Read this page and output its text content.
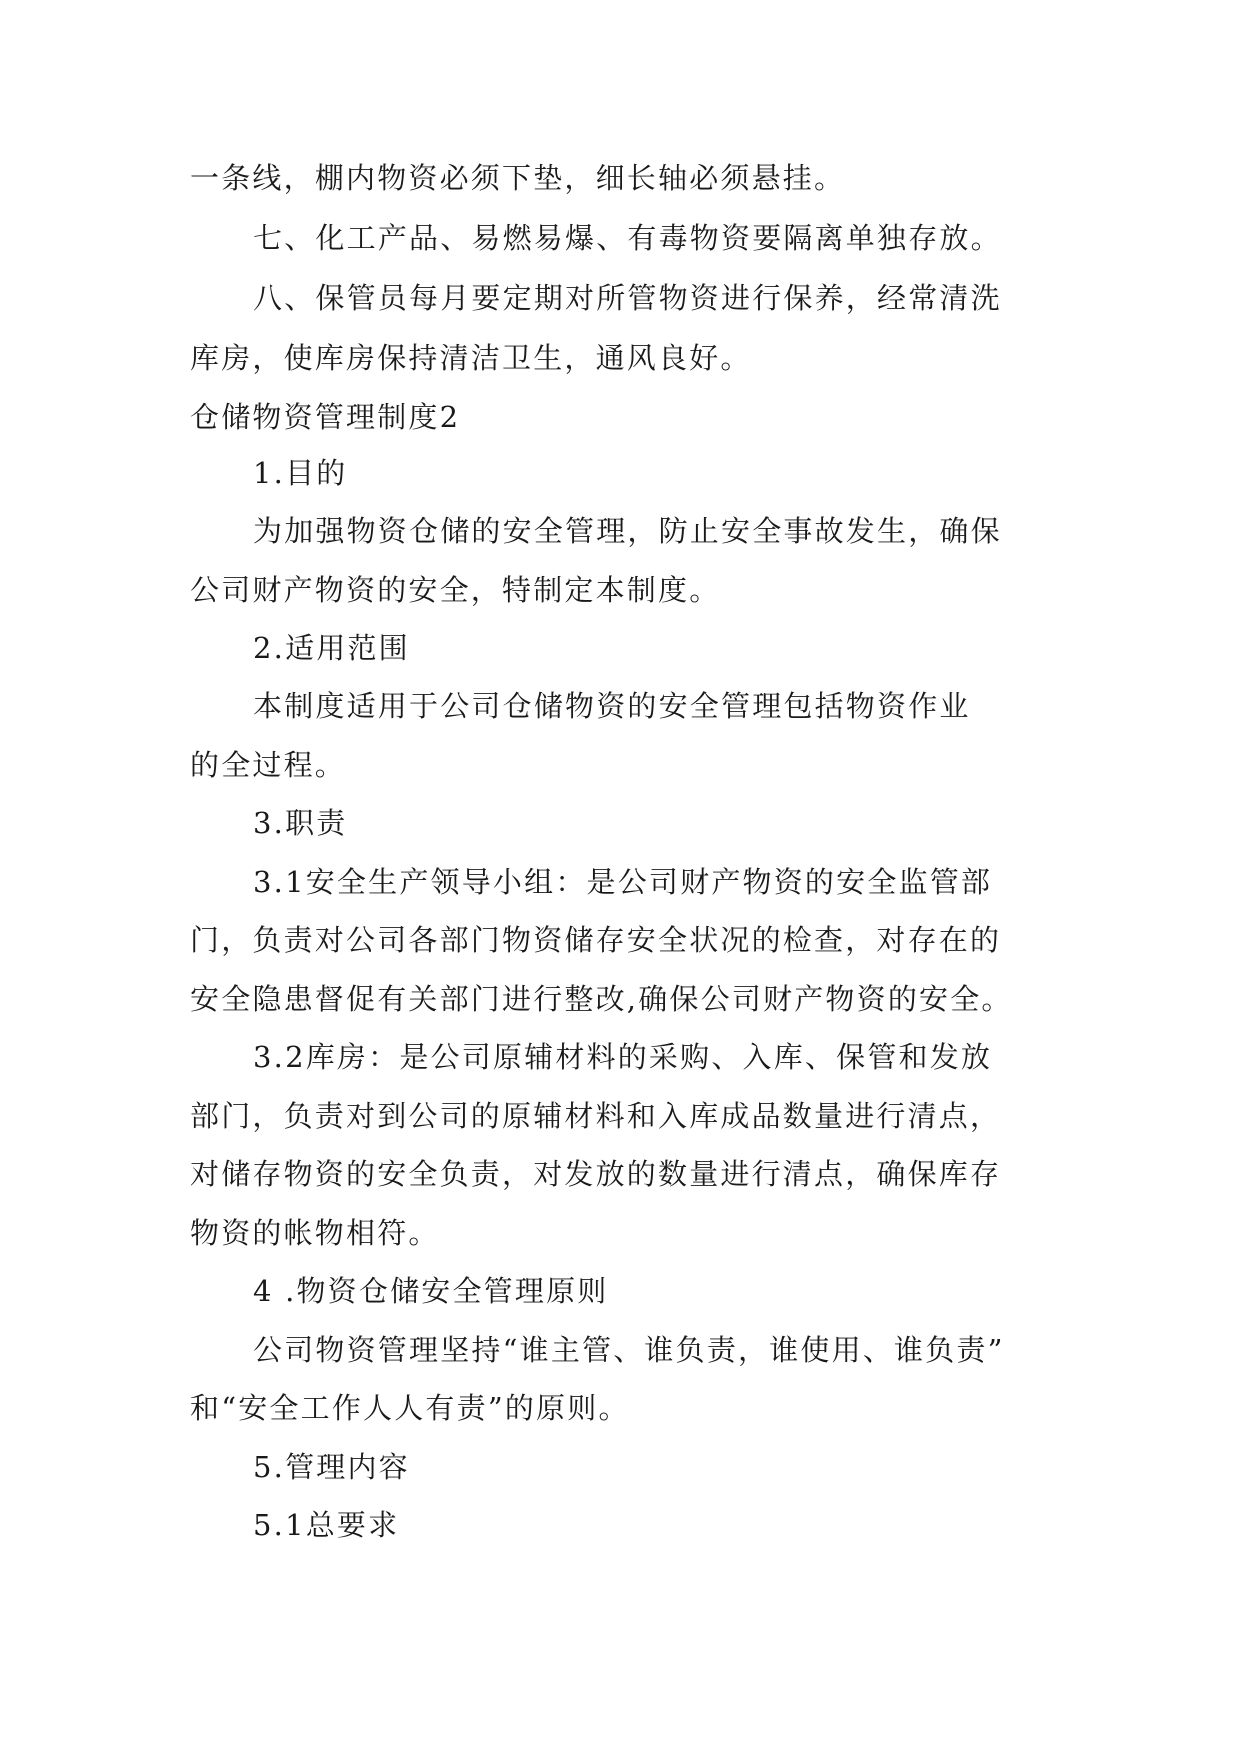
一条线，棚内物资必须下垫，细长轴必须悬挂。
七、化工产品、易燃易爆、有毒物资要隔离单独存放。
八、保管员每月要定期对所管物资进行保养，经常清洗
库房，使库房保持清洁卫生，通风良好。
仓储物资管理制度2
1.目的
为加强物资仓储的安全管理，防止安全事故发生，确保
公司财产物资的安全，特制定本制度。
2.适用范围
本制度适用于公司仓储物资的安全管理包括物资作业
的全过程。
3.职责
3.1安全生产领导小组：是公司财产物资的安全监管部
门，负责对公司各部门物资储存安全状况的检查，对存在的
安全隐患督促有关部门进行整改,确保公司财产物资的安全。
3.2库房：是公司原辅材料的采购、入库、保管和发放
部门，负责对到公司的原辅材料和入库成品数量进行清点，
对储存物资的安全负责，对发放的数量进行清点，确保库存
物资的帐物相符。
4 .物资仓储安全管理原则
公司物资管理坚持“谁主管、谁负责，谁使用、谁负责”
和“安全工作人人有责”的原则。
5.管理内容
5.1总要求
